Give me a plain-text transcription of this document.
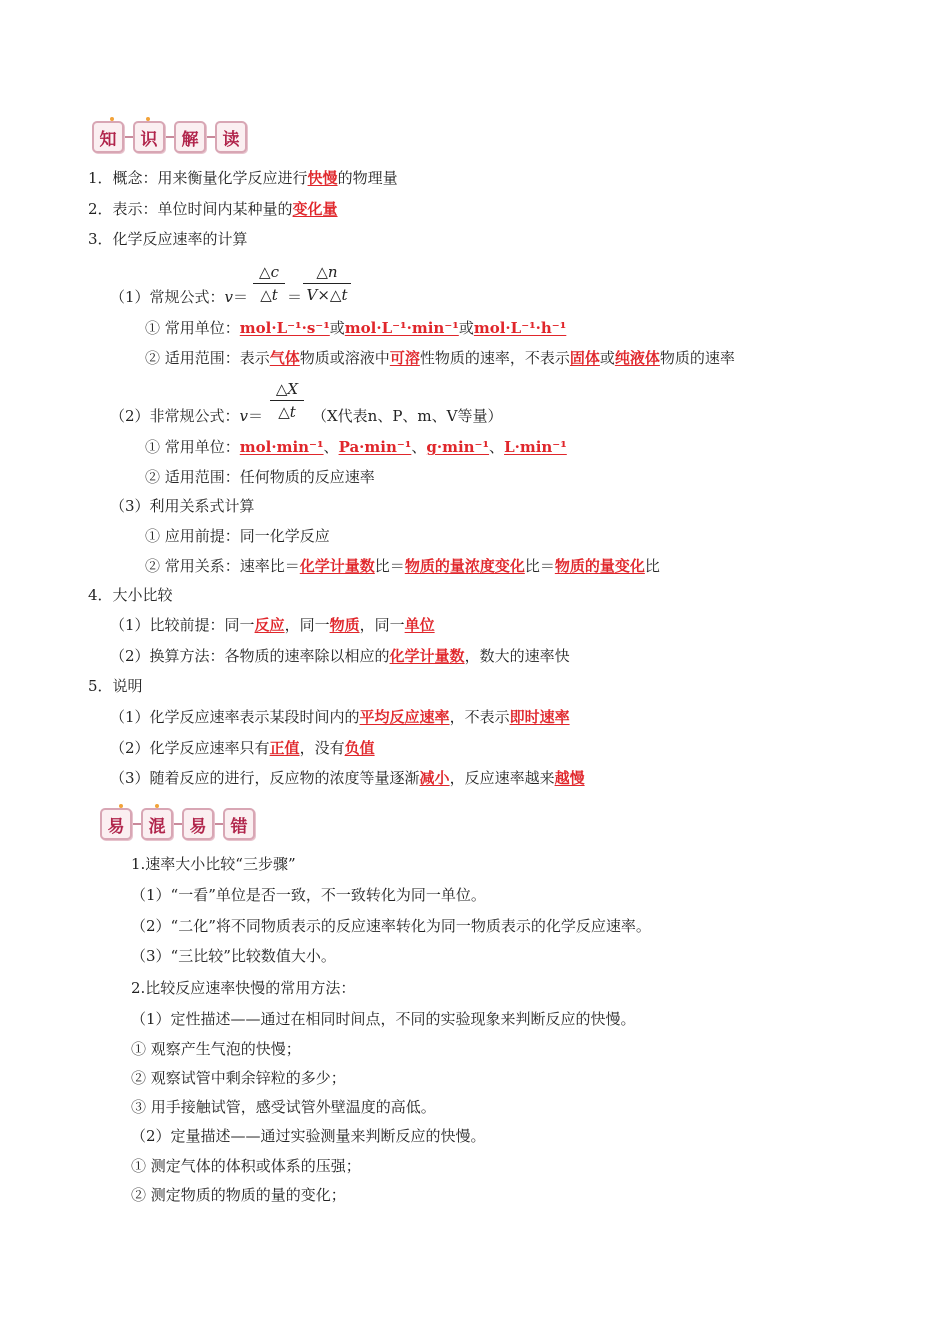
知	识	解	读
1．概念：用来衡量化学反应进行快慢的物理量
2．表示：单位时间内某种量的变化量
3．化学反应速率的计算
（1）常规公式：v＝
△c
△t ＝
△n
V×△t
① 常用单位：mol·L⁻¹·s⁻¹或mol·L⁻¹·min⁻¹或mol·L⁻¹·h⁻¹
② 适用范围：表示气体物质或溶液中可溶性物质的速率，不表示固体或纯液体物质的速率
（2）非常规公式：v＝
△X
△t	（X代表n、P、m、V等量）
① 常用单位：mol·min⁻¹、Pa·min⁻¹、g·min⁻¹、L·min⁻¹
② 适用范围：任何物质的反应速率
（3）利用关系式计算
① 应用前提：同一化学反应
② 常用关系：速率比＝化学计量数比＝物质的量浓度变化比＝物质的量变化比
4．大小比较
（1）比较前提：同一反应，同一物质，同一单位
（2）换算方法：各物质的速率除以相应的化学计量数，数大的速率快
5．说明
（1）化学反应速率表示某段时间内的平均反应速率，不表示即时速率
（2）化学反应速率只有正值，没有负值
（3）随着反应的进行，反应物的浓度等量逐渐减小，反应速率越来越慢
易	混	易	错
1.速率大小比较“三步骤”
（1）“一看”单位是否一致，不一致转化为同一单位。
（2）“二化”将不同物质表示的反应速率转化为同一物质表示的化学反应速率。
（3）“三比较”比较数值大小。
2.比较反应速率快慢的常用方法：
（1）定性描述——通过在相同时间点，不同的实验现象来判断反应的快慢。
① 观察产生气泡的快慢；
② 观察试管中剩余锌粒的多少；
③ 用手接触试管，感受试管外壁温度的高低。
（2）定量描述——通过实验测量来判断反应的快慢。
① 测定气体的体积或体系的压强；
② 测定物质的物质的量的变化；
